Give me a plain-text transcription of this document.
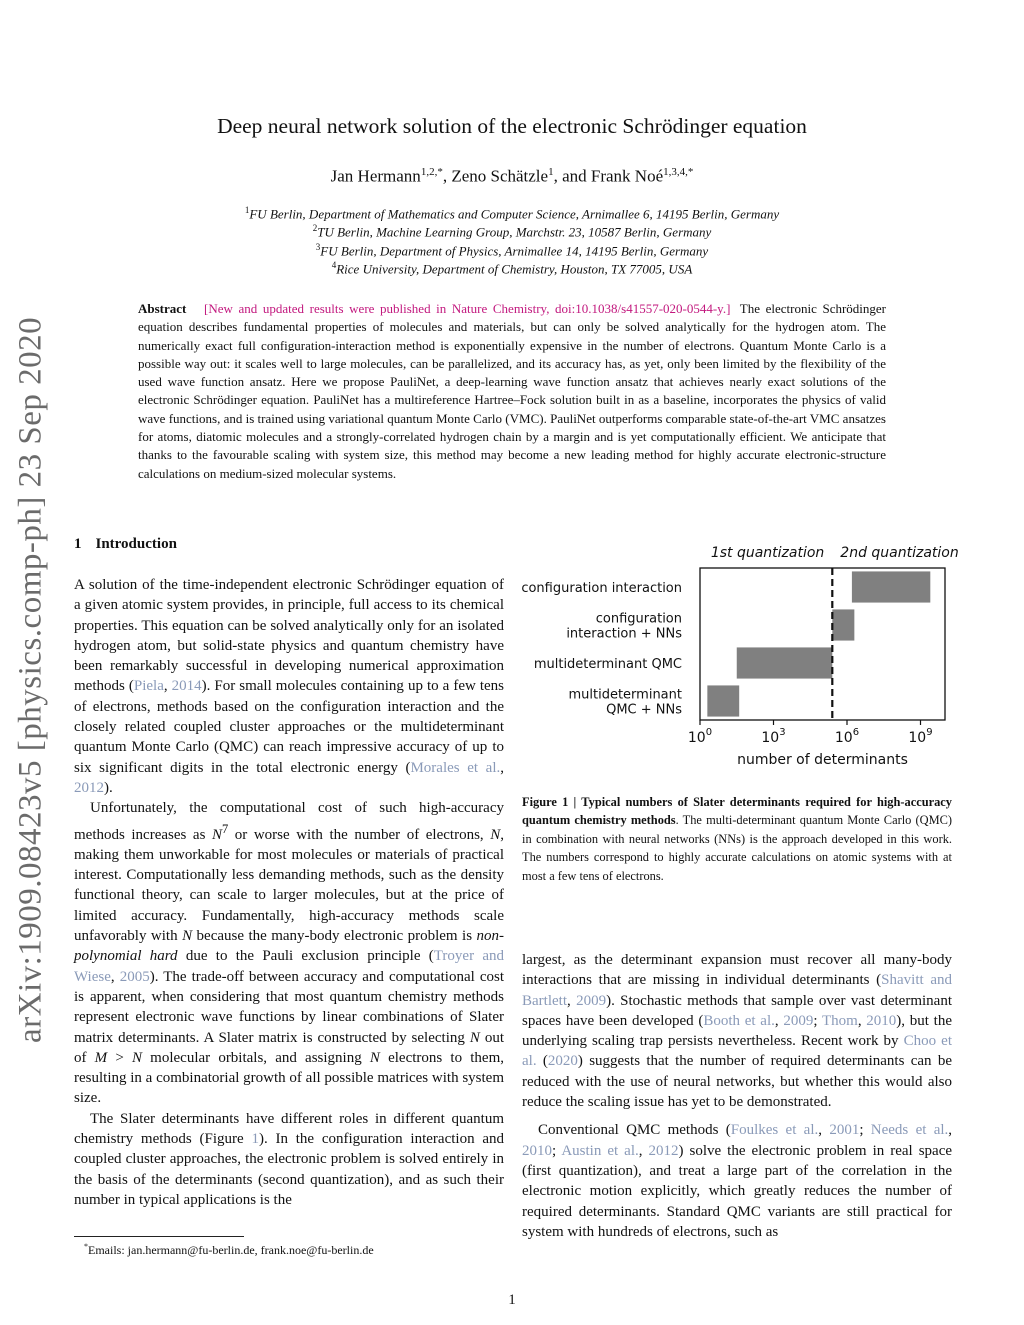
arXiv:1909.08423v5 [physics.comp-ph] 23 Sep 2020
Deep neural network solution of the electronic Schrödinger equation
Jan Hermann$^{1,2,*}$, Zeno Schätzle$^1$, and Frank Noé$^{1,3,4,*}$
$^1$FU Berlin, Department of Mathematics and Computer Science, Arnimallee 6, 14195 Berlin, Germany
$^2$TU Berlin, Machine Learning Group, Marchstr. 23, 10587 Berlin, Germany
$^3$FU Berlin, Department of Physics, Arnimallee 14, 14195 Berlin, Germany
$^4$Rice University, Department of Chemistry, Houston, TX 77005, USA
Abstract [New and updated results were published in Nature Chemistry, doi:10.1038/s41557-020-0544-y.] The electronic Schrödinger equation describes fundamental properties of molecules and materials, but can only be solved analytically for the hydrogen atom. The numerically exact full configuration-interaction method is exponentially expensive in the number of electrons. Quantum Monte Carlo is a possible way out: it scales well to large molecules, can be parallelized, and its accuracy has, as yet, only been limited by the flexibility of the used wave function ansatz. Here we propose PauliNet, a deep-learning wave function ansatz that achieves nearly exact solutions of the electronic Schrödinger equation. PauliNet has a multireference Hartree–Fock solution built in as a baseline, incorporates the physics of valid wave functions, and is trained using variational quantum Monte Carlo (VMC). PauliNet outperforms comparable state-of-the-art VMC ansatzes for atoms, diatomic molecules and a strongly-correlated hydrogen chain by a margin and is yet computationally efficient. We anticipate that thanks to the favourable scaling with system size, this method may become a new leading method for highly accurate electronic-structure calculations on medium-sized molecular systems.
1 Introduction

A solution of the time-independent electronic Schrödinger equation of a given atomic system provides, in principle, full access to its chemical properties. This equation can be solved analytically only for an isolated hydrogen atom, but solid-state physics and quantum chemistry have been remarkably successful in developing numerical approximation methods (Piela, 2014). For small molecules containing up to a few tens of electrons, methods based on the configuration interaction and the closely related coupled cluster approaches or the multideterminant quantum Monte Carlo (QMC) can reach impressive accuracy of up to six significant digits in the total electronic energy (Morales et al., 2012).

Unfortunately, the computational cost of such high-accuracy methods increases as $N^7$ or worse with the number of electrons, N, making them unworkable for most molecules or materials of practical interest. Computationally less demanding methods, such as the density functional theory, can scale to larger molecules, but at the price of limited accuracy. Fundamentally, high-accuracy methods scale unfavorably with N because the many-body electronic problem is non-polynomial hard due to the Pauli exclusion principle (Troyer and Wiese, 2005). The trade-off between accuracy and computational cost is apparent, when considering that most quantum chemistry methods represent electronic wave functions by linear combinations of Slater matrix determinants. A Slater matrix is constructed by selecting N out of M > N molecular orbitals, and assigning N electrons to them, resulting in a combinatorial growth of all possible matrices with system size.

The Slater determinants have different roles in different quantum chemistry methods (Figure 1). In the configuration interaction and coupled cluster approaches, the electronic problem is solved entirely in the basis of the determinants (second quantization), and as such their number in typical applications is the

1st quantization 2nd quantization
configuration interaction
configuration
interaction + NNs
multideterminant QMC
multideterminant
QMC + NNs
$10^0$	$10^3$	$10^6$	$10^9$
number of determinants
Figure 1 | Typical numbers of Slater determinants required for high-accuracy quantum chemistry methods. The multi-determinant quantum Monte Carlo (QMC) in combination with neural networks (NNs) is the approach developed in this work. The numbers correspond to highly accurate calculations on atomic systems with at most a few tens of electrons.

largest, as the determinant expansion must recover all many-body interactions that are missing in individual determinants (Shavitt and Bartlett, 2009). Stochastic methods that sample over vast determinant spaces have been developed (Booth et al., 2009; Thom, 2010), but the underlying scaling trap persists nevertheless. Recent work by Choo et al. (2020) suggests that the number of required determinants can be reduced with the use of neural networks, but whether this would also reduce the scaling issue has yet to be demonstrated.

Conventional QMC methods (Foulkes et al., 2001; Needs et al., 2010; Austin et al., 2012) solve the electronic problem in real space (first quantization), and treat a large part of the correlation in the electronic motion explicitly, which greatly reduces the number of required determinants. Standard QMC variants are still practical for system with hundreds of electrons, such as

*Emails: jan.hermann@fu-berlin.de, frank.noe@fu-berlin.de
1
